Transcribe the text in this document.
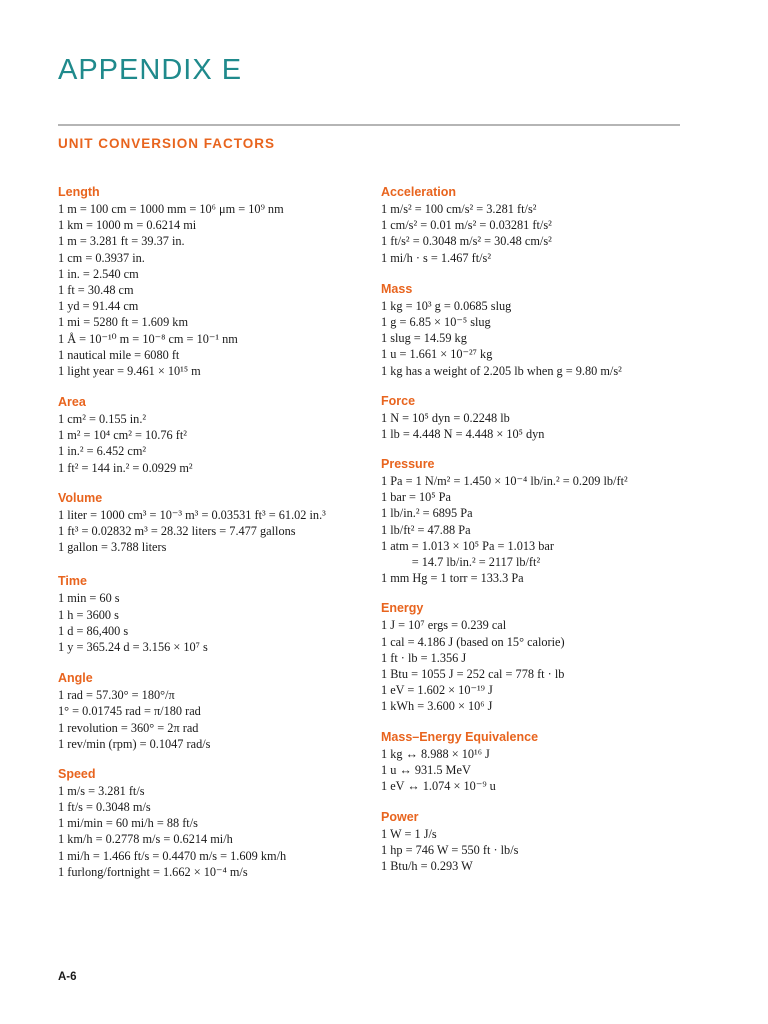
APPENDIX E
UNIT CONVERSION FACTORS
Length
1 m = 100 cm = 1000 mm = 10⁶ μm = 10⁹ nm
1 km = 1000 m = 0.6214 mi
1 m = 3.281 ft = 39.37 in.
1 cm = 0.3937 in.
1 in. = 2.540 cm
1 ft = 30.48 cm
1 yd = 91.44 cm
1 mi = 5280 ft = 1.609 km
1 Å = 10⁻¹⁰ m = 10⁻⁸ cm = 10⁻¹ nm
1 nautical mile = 6080 ft
1 light year = 9.461 × 10¹⁵ m
Area
1 cm² = 0.155 in.²
1 m² = 10⁴ cm² = 10.76 ft²
1 in.² = 6.452 cm²
1 ft² = 144 in.² = 0.0929 m²
Volume
1 liter = 1000 cm³ = 10⁻³ m³ = 0.03531 ft³ = 61.02 in.³
1 ft³ = 0.02832 m³ = 28.32 liters = 7.477 gallons
1 gallon = 3.788 liters
Time
1 min = 60 s
1 h = 3600 s
1 d = 86,400 s
1 y = 365.24 d = 3.156 × 10⁷ s
Angle
1 rad = 57.30° = 180°/π
1° = 0.01745 rad = π/180 rad
1 revolution = 360° = 2π rad
1 rev/min (rpm) = 0.1047 rad/s
Speed
1 m/s = 3.281 ft/s
1 ft/s = 0.3048 m/s
1 mi/min = 60 mi/h = 88 ft/s
1 km/h = 0.2778 m/s = 0.6214 mi/h
1 mi/h = 1.466 ft/s = 0.4470 m/s = 1.609 km/h
1 furlong/fortnight = 1.662 × 10⁻⁴ m/s
Acceleration
1 m/s² = 100 cm/s² = 3.281 ft/s²
1 cm/s² = 0.01 m/s² = 0.03281 ft/s²
1 ft/s² = 0.3048 m/s² = 30.48 cm/s²
1 mi/h · s = 1.467 ft/s²
Mass
1 kg = 10³ g = 0.0685 slug
1 g = 6.85 × 10⁻⁵ slug
1 slug = 14.59 kg
1 u = 1.661 × 10⁻²⁷ kg
1 kg has a weight of 2.205 lb when g = 9.80 m/s²
Force
1 N = 10⁵ dyn = 0.2248 lb
1 lb = 4.448 N = 4.448 × 10⁵ dyn
Pressure
1 Pa = 1 N/m² = 1.450 × 10⁻⁴ lb/in.² = 0.209 lb/ft²
1 bar = 10⁵ Pa
1 lb/in.² = 6895 Pa
1 lb/ft² = 47.88 Pa
1 atm = 1.013 × 10⁵ Pa = 1.013 bar
= 14.7 lb/in.² = 2117 lb/ft²
1 mm Hg = 1 torr = 133.3 Pa
Energy
1 J = 10⁷ ergs = 0.239 cal
1 cal = 4.186 J (based on 15° calorie)
1 ft · lb = 1.356 J
1 Btu = 1055 J = 252 cal = 778 ft · lb
1 eV = 1.602 × 10⁻¹⁹ J
1 kWh = 3.600 × 10⁶ J
Mass–Energy Equivalence
1 kg ↔ 8.988 × 10¹⁶ J
1 u ↔ 931.5 MeV
1 eV ↔ 1.074 × 10⁻⁹ u
Power
1 W = 1 J/s
1 hp = 746 W = 550 ft · lb/s
1 Btu/h = 0.293 W
A-6
